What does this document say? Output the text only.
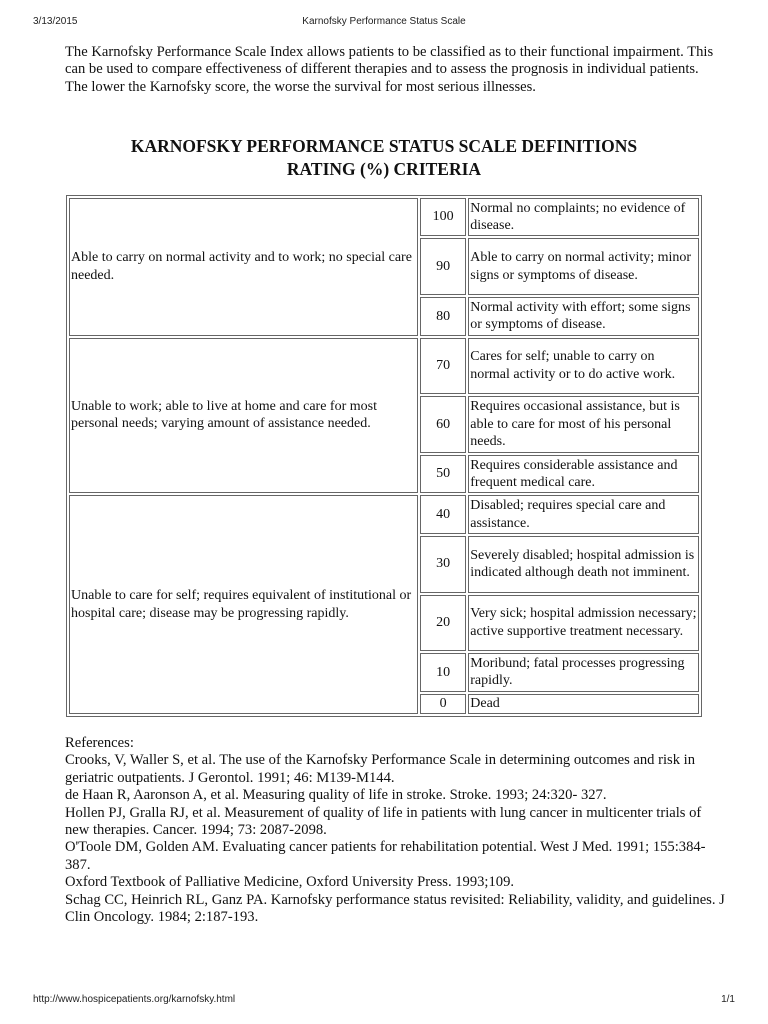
3/13/2015	Karnofsky Performance Status Scale

The Karnofsky Performance Scale Index allows patients to be classified as to their functional impairment. This can be used to compare effectiveness of different therapies and to assess the prognosis in individual patients. The lower the Karnofsky score, the worse the survival for most serious illnesses.

KARNOFSKY PERFORMANCE STATUS SCALE DEFINITIONS
RATING (%) CRITERIA
Able to carry on normal activity and to work; no special care needed.	100	Normal no complaints; no evidence of disease.
	90	Able to carry on normal activity; minor signs or symptoms of disease.
	80	Normal activity with effort; some signs or symptoms of disease.
Unable to work; able to live at home and care for most personal needs; varying amount of assistance needed.	70	Cares for self; unable to carry on normal activity or to do active work.
	60	Requires occasional assistance, but is able to care for most of his personal needs.
	50	Requires considerable assistance and frequent medical care.
Unable to care for self; requires equivalent of institutional or hospital care; disease may be progressing rapidly.	40	Disabled; requires special care and assistance.
	30	Severely disabled; hospital admission is indicated although death not imminent.
	20	Very sick; hospital admission necessary; active supportive treatment necessary.
	10	Moribund; fatal processes progressing rapidly.
	0	Dead
References:
Crooks, V, Waller S, et al. The use of the Karnofsky Performance Scale in determining outcomes and risk in geriatric outpatients. J Gerontol. 1991; 46: M139-M144.
de Haan R, Aaronson A, et al. Measuring quality of life in stroke. Stroke. 1993; 24:320- 327.
Hollen PJ, Gralla RJ, et al. Measurement of quality of life in patients with lung cancer in multicenter trials of new therapies. Cancer. 1994; 73: 2087-2098.
O'Toole DM, Golden AM. Evaluating cancer patients for rehabilitation potential. West J Med. 1991; 155:384-387.
Oxford Textbook of Palliative Medicine, Oxford University Press. 1993;109.
Schag CC, Heinrich RL, Ganz PA. Karnofsky performance status revisited: Reliability, validity, and guidelines. J Clin Oncology. 1984; 2:187-193.
http://www.hospicepatients.org/karnofsky.html	1/1
